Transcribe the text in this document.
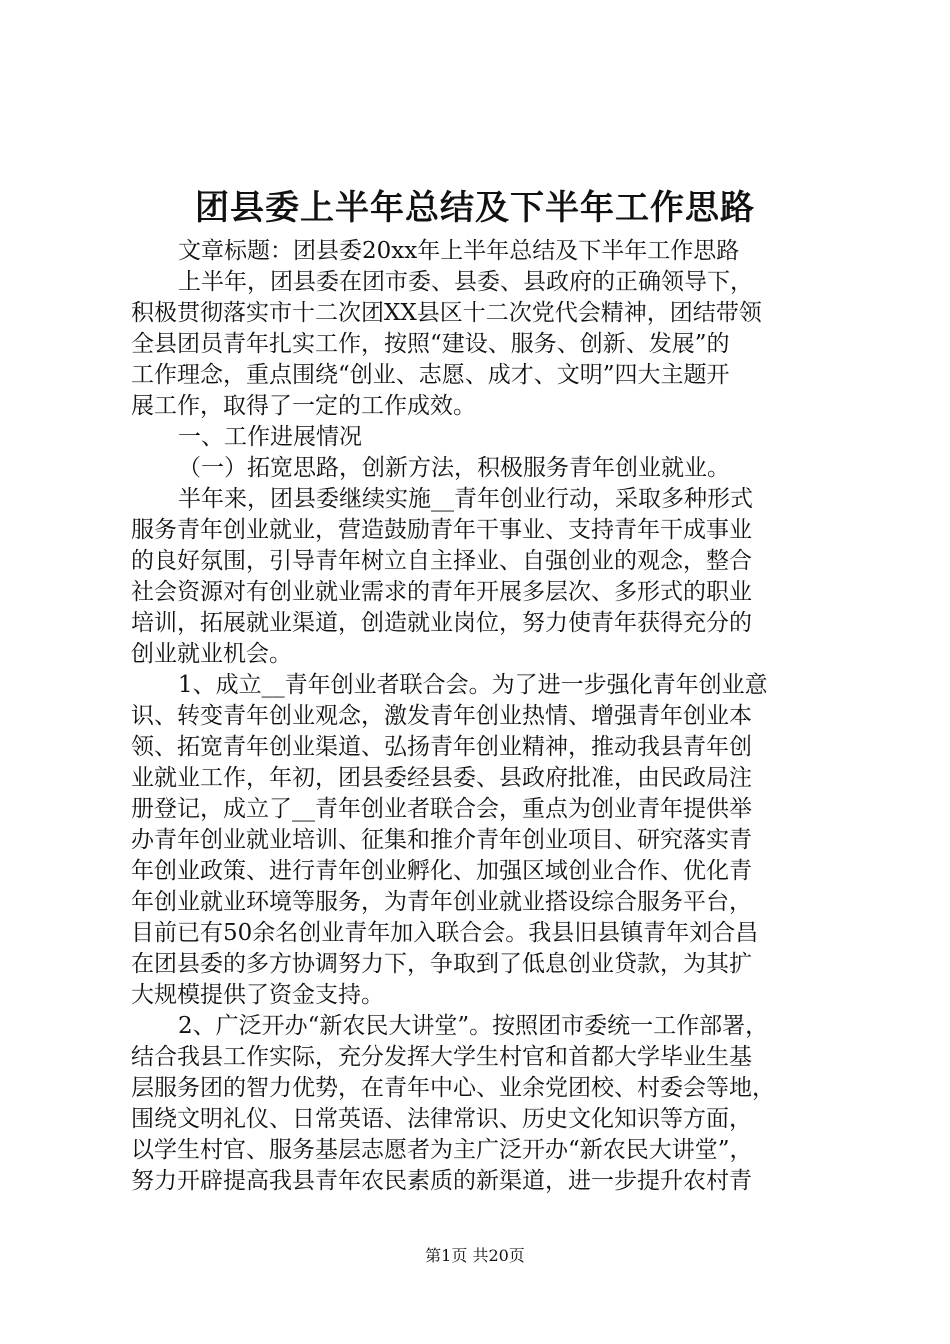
团县委上半年总结及下半年工作思路
文章标题：团县委20xx年上半年总结及下半年工作思路
上半年，团县委在团市委、县委、县政府的正确领导下，
积极贯彻落实市十二次团XX县区十二次党代会精神，团结带领
全县团员青年扎实工作，按照“建设、服务、创新、发展”的
工作理念，重点围绕“创业、志愿、成才、文明”四大主题开
展工作，取得了一定的工作成效。
一、工作进展情况
（一）拓宽思路，创新方法，积极服务青年创业就业。
半年来，团县委继续实施__青年创业行动，采取多种形式
服务青年创业就业，营造鼓励青年干事业、支持青年干成事业
的良好氛围，引导青年树立自主择业、自强创业的观念，整合
社会资源对有创业就业需求的青年开展多层次、多形式的职业
培训，拓展就业渠道，创造就业岗位，努力使青年获得充分的
创业就业机会。
1、成立__青年创业者联合会。为了进一步强化青年创业意
识、转变青年创业观念，激发青年创业热情、增强青年创业本
领、拓宽青年创业渠道、弘扬青年创业精神，推动我县青年创
业就业工作，年初，团县委经县委、县政府批准，由民政局注
册登记，成立了__青年创业者联合会，重点为创业青年提供举
办青年创业就业培训、征集和推介青年创业项目、研究落实青
年创业政策、进行青年创业孵化、加强区域创业合作、优化青
年创业就业环境等服务，为青年创业就业搭设综合服务平台，
目前已有50余名创业青年加入联合会。我县旧县镇青年刘合昌
在团县委的多方协调努力下，争取到了低息创业贷款，为其扩
大规模提供了资金支持。
2、广泛开办“新农民大讲堂”。按照团市委统一工作部署，
结合我县工作实际，充分发挥大学生村官和首都大学毕业生基
层服务团的智力优势，在青年中心、业余党团校、村委会等地，
围绕文明礼仪、日常英语、法律常识、历史文化知识等方面，
以学生村官、服务基层志愿者为主广泛开办“新农民大讲堂”，
努力开辟提高我县青年农民素质的新渠道，进一步提升农村青
第1页 共20页
